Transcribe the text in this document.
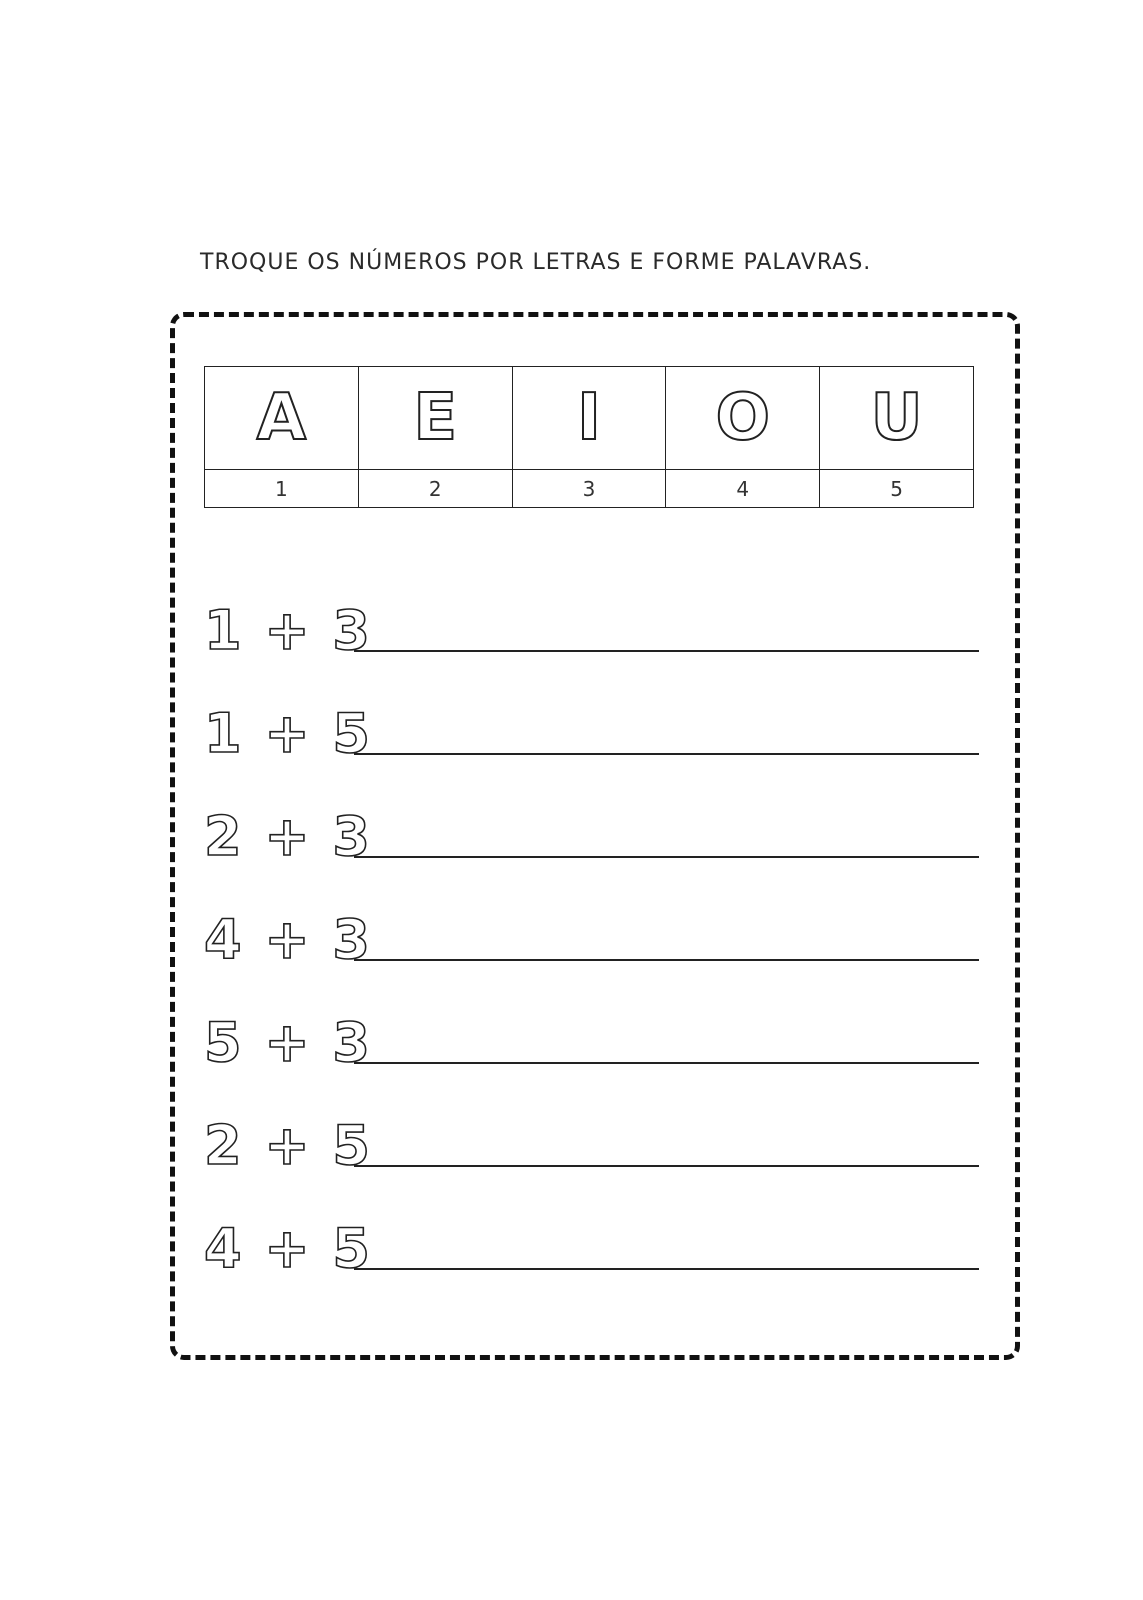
TROQUE OS NÚMEROS POR LETRAS E FORME PALAVRAS.
A	E	I	O	U
1	2	3	4	5
1 + 3
1 + 5
2 + 3
4 + 3
5 + 3
2 + 5
4 + 5
